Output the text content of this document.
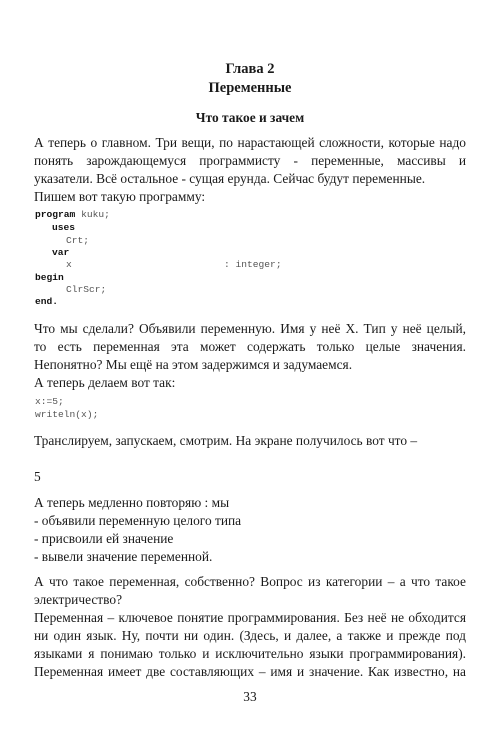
Глава 2
Переменные
Что такое и зачем
А теперь о главном. Три вещи, по нарастающей сложности, которые надо
понять зарождающемуся программисту - переменные, массивы и
указатели. Всё остальное - сущая ерунда. Сейчас будут переменные.
Пишем вот такую программу:
program kuku;
uses
Crt;
var
x	: integer;
begin
ClrScr;
end.
Что мы сделали? Объявили переменную. Имя у неё X. Тип у неё целый,
то есть переменная эта может содержать только целые значения.
Непонятно? Мы ещё на этом задержимся и задумаемся.
А теперь делаем вот так:
x:=5;
writeln(x);
Транслируем, запускаем, смотрим. На экране получилось вот что –
5
А теперь медленно повторяю : мы
- объявили переменную целого типа
- присвоили ей значение
- вывели значение переменной.
А что такое переменная, собственно? Вопрос из категории – а что такое
электричество?
Переменная – ключевое понятие программирования. Без неё не обходится
ни один язык. Ну, почти ни один. (Здесь, и далее, а также и прежде под
языками я понимаю только и исключительно языки программирования).
Переменная имеет две составляющих – имя и значение. Как известно, на
33
